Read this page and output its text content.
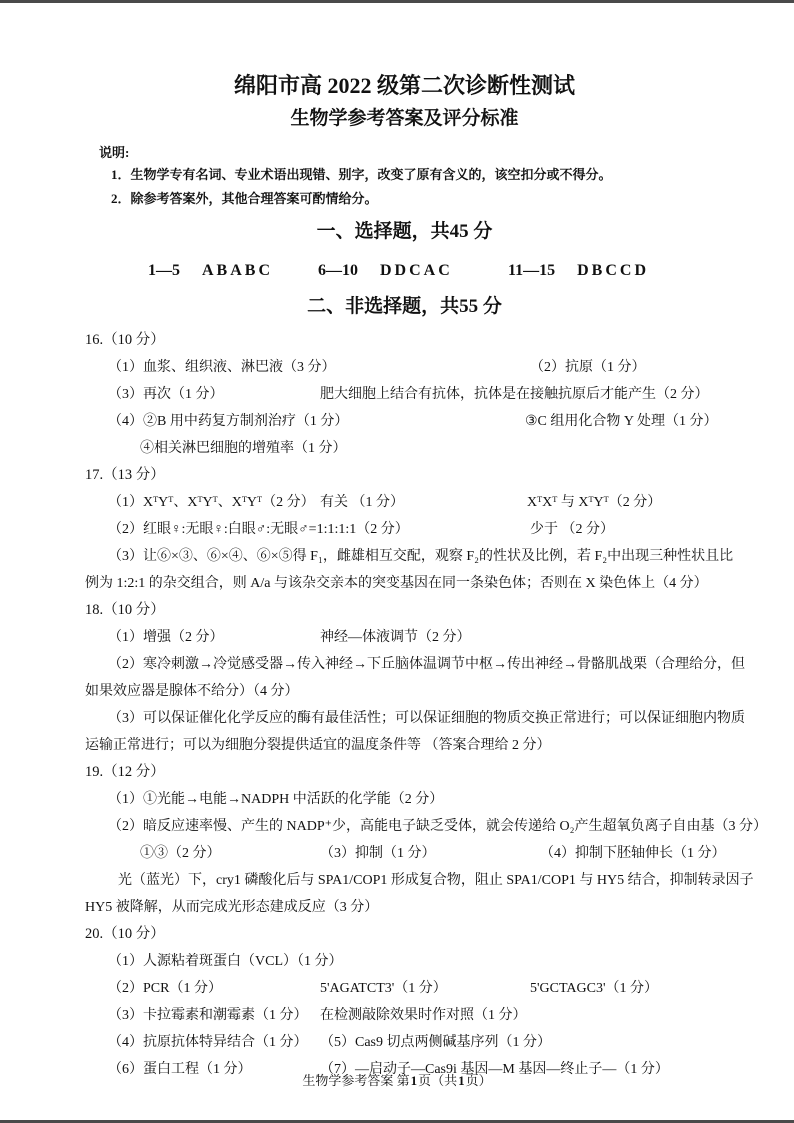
绵阳市高 2022 级第二次诊断性测试
生物学参考答案及评分标准
说明:
1．生物学专有名词、专业术语出现错、别字，改变了原有含义的，该空扣分或不得分。
2．除参考答案外，其他合理答案可酌情给分。
一、选择题，共45 分
1—5 ABABC	6—10 DDCAC	11—15 DBCCD
二、非选择题，共55 分
16.（10 分）
（1）血浆、组织液、淋巴液（3 分）	（2）抗原（1 分）
（3）再次（1 分）	肥大细胞上结合有抗体，抗体是在接触抗原后才能产生（2 分）
（4）②B 用中药复方制剂治疗（1 分）	③C 组用化合物 Y 处理（1 分）
④相关淋巴细胞的增殖率（1 分）
17.（13 分）
（1）XᵀYᵀ、XᵀYᵀ、XᵀYᵀ（2 分） 有关 （1 分）	XᵀXᵀ 与 XᵀYᵀ（2 分）
（2）红眼♀:无眼♀:白眼♂:无眼♂=1:1:1:1（2 分）	少于 （2 分）
（3）让⑥×③、⑥×④、⑥×⑤得 F₁，雌雄相互交配，观察 F₂的性状及比例，若 F₂中出现三种性状且比
例为 1:2:1 的杂交组合，则 A/a 与该杂交亲本的突变基因在同一条染色体；否则在 X 染色体上（4 分）
18.（10 分）
（1）增强（2 分）	神经—体液调节（2 分）
（2）寒冷刺激→冷觉感受器→传入神经→下丘脑体温调节中枢→传出神经→骨骼肌战栗（合理给分，但
如果效应器是腺体不给分）（4 分）
（3）可以保证催化化学反应的酶有最佳活性；可以保证细胞的物质交换正常进行；可以保证细胞内物质
运输正常进行；可以为细胞分裂提供适宜的温度条件等 （答案合理给 2 分）
19.（12 分）
（1）①光能→电能→NADPH 中活跃的化学能（2 分）
（2）暗反应速率慢、产生的 NADP⁺少，高能电子缺乏受体，就会传递给 O₂产生超氧负离子自由基（3 分）
①③（2 分）	（3）抑制（1 分）	（4）抑制下胚轴伸长（1 分）
光（蓝光）下，cry1 磷酸化后与 SPA1/COP1 形成复合物，阻止 SPA1/COP1 与 HY5 结合，抑制转录因子
HY5 被降解，从而完成光形态建成反应（3 分）
20.（10 分）
（1）人源粘着斑蛋白（VCL）（1 分）
（2）PCR（1 分）	5'AGATCT3'（1 分）	5'GCTAGC3'（1 分）
（3）卡拉霉素和潮霉素（1 分） 在检测敲除效果时作对照（1 分）
（4）抗原抗体特异结合（1 分） （5）Cas9 切点两侧碱基序列（1 分）
（6）蛋白工程（1 分）	（7）—启动子—Cas9i 基因—M 基因—终止子—（1 分）
生物学参考答案 第1页（共1页）
